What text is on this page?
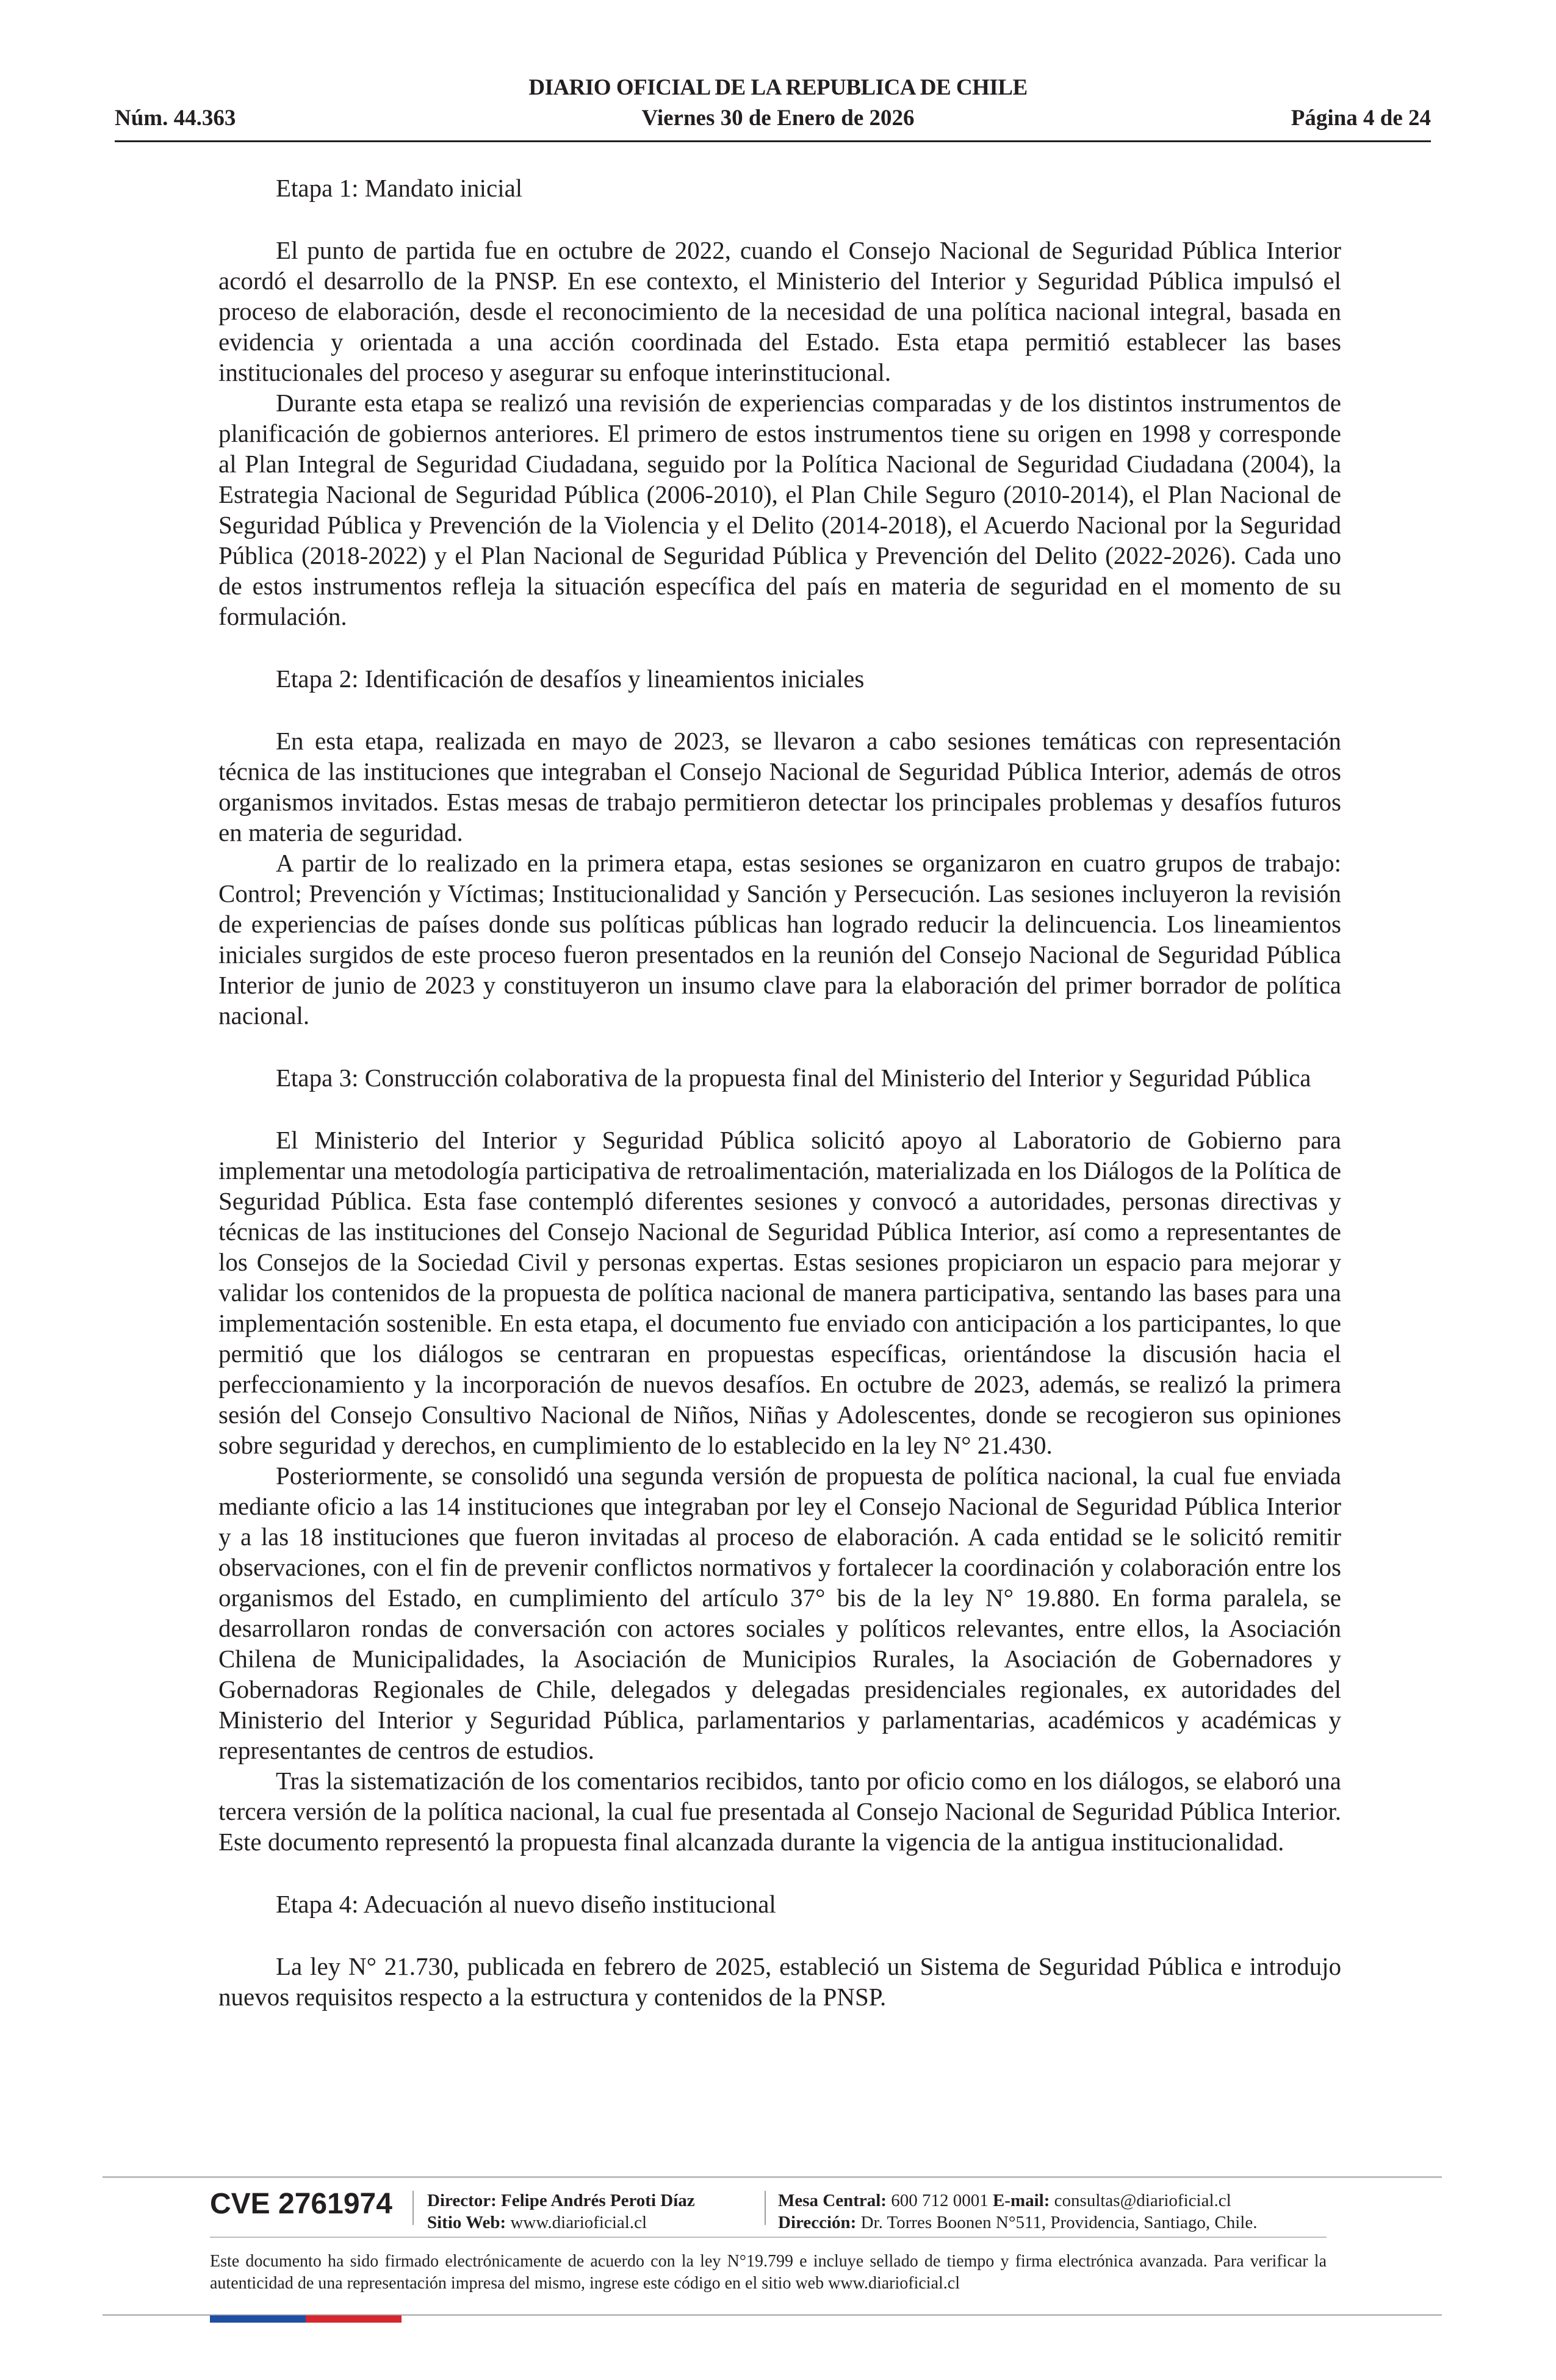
DIARIO OFICIAL DE LA REPUBLICA DE CHILE
Núm. 44.363	Viernes 30 de Enero de 2026	Página 4 de 24

Etapa 1: Mandato inicial

El punto de partida fue en octubre de 2022, cuando el Consejo Nacional de Seguridad Pública Interior acordó el desarrollo de la PNSP. En ese contexto, el Ministerio del Interior y Seguridad Pública impulsó el proceso de elaboración, desde el reconocimiento de la necesidad de una política nacional integral, basada en evidencia y orientada a una acción coordinada del Estado. Esta etapa permitió establecer las bases institucionales del proceso y asegurar su enfoque interinstitucional.

Durante esta etapa se realizó una revisión de experiencias comparadas y de los distintos instrumentos de planificación de gobiernos anteriores. El primero de estos instrumentos tiene su origen en 1998 y corresponde al Plan Integral de Seguridad Ciudadana, seguido por la Política Nacional de Seguridad Ciudadana (2004), la Estrategia Nacional de Seguridad Pública (2006-2010), el Plan Chile Seguro (2010-2014), el Plan Nacional de Seguridad Pública y Prevención de la Violencia y el Delito (2014-2018), el Acuerdo Nacional por la Seguridad Pública (2018-2022) y el Plan Nacional de Seguridad Pública y Prevención del Delito (2022-2026). Cada uno de estos instrumentos refleja la situación específica del país en materia de seguridad en el momento de su formulación.

Etapa 2: Identificación de desafíos y lineamientos iniciales

En esta etapa, realizada en mayo de 2023, se llevaron a cabo sesiones temáticas con representación técnica de las instituciones que integraban el Consejo Nacional de Seguridad Pública Interior, además de otros organismos invitados. Estas mesas de trabajo permitieron detectar los principales problemas y desafíos futuros en materia de seguridad.

A partir de lo realizado en la primera etapa, estas sesiones se organizaron en cuatro grupos de trabajo: Control; Prevención y Víctimas; Institucionalidad y Sanción y Persecución. Las sesiones incluyeron la revisión de experiencias de países donde sus políticas públicas han logrado reducir la delincuencia. Los lineamientos iniciales surgidos de este proceso fueron presentados en la reunión del Consejo Nacional de Seguridad Pública Interior de junio de 2023 y constituyeron un insumo clave para la elaboración del primer borrador de política nacional.

Etapa 3: Construcción colaborativa de la propuesta final del Ministerio del Interior y Seguridad Pública

El Ministerio del Interior y Seguridad Pública solicitó apoyo al Laboratorio de Gobierno para implementar una metodología participativa de retroalimentación, materializada en los Diálogos de la Política de Seguridad Pública. Esta fase contempló diferentes sesiones y convocó a autoridades, personas directivas y técnicas de las instituciones del Consejo Nacional de Seguridad Pública Interior, así como a representantes de los Consejos de la Sociedad Civil y personas expertas. Estas sesiones propiciaron un espacio para mejorar y validar los contenidos de la propuesta de política nacional de manera participativa, sentando las bases para una implementación sostenible. En esta etapa, el documento fue enviado con anticipación a los participantes, lo que permitió que los diálogos se centraran en propuestas específicas, orientándose la discusión hacia el perfeccionamiento y la incorporación de nuevos desafíos. En octubre de 2023, además, se realizó la primera sesión del Consejo Consultivo Nacional de Niños, Niñas y Adolescentes, donde se recogieron sus opiniones sobre seguridad y derechos, en cumplimiento de lo establecido en la ley N° 21.430.

Posteriormente, se consolidó una segunda versión de propuesta de política nacional, la cual fue enviada mediante oficio a las 14 instituciones que integraban por ley el Consejo Nacional de Seguridad Pública Interior y a las 18 instituciones que fueron invitadas al proceso de elaboración. A cada entidad se le solicitó remitir observaciones, con el fin de prevenir conflictos normativos y fortalecer la coordinación y colaboración entre los organismos del Estado, en cumplimiento del artículo 37° bis de la ley N° 19.880. En forma paralela, se desarrollaron rondas de conversación con actores sociales y políticos relevantes, entre ellos, la Asociación Chilena de Municipalidades, la Asociación de Municipios Rurales, la Asociación de Gobernadores y Gobernadoras Regionales de Chile, delegados y delegadas presidenciales regionales, ex autoridades del Ministerio del Interior y Seguridad Pública, parlamentarios y parlamentarias, académicos y académicas y representantes de centros de estudios.

Tras la sistematización de los comentarios recibidos, tanto por oficio como en los diálogos, se elaboró una tercera versión de la política nacional, la cual fue presentada al Consejo Nacional de Seguridad Pública Interior. Este documento representó la propuesta final alcanzada durante la vigencia de la antigua institucionalidad.

Etapa 4: Adecuación al nuevo diseño institucional

La ley N° 21.730, publicada en febrero de 2025, estableció un Sistema de Seguridad Pública e introdujo nuevos requisitos respecto a la estructura y contenidos de la PNSP.

CVE 2761974 Director: Felipe Andrés Peroti Díaz
Sitio Web: www.diarioficial.cl
Mesa Central: 600 712 0001 E-mail: consultas@diarioficial.cl
Dirección: Dr. Torres Boonen N°511, Providencia, Santiago, Chile.
Este documento ha sido firmado electrónicamente de acuerdo con la ley N°19.799 e incluye sellado de tiempo y firma electrónica avanzada. Para verificar la autenticidad de una representación impresa del mismo, ingrese este código en el sitio web www.diarioficial.cl
